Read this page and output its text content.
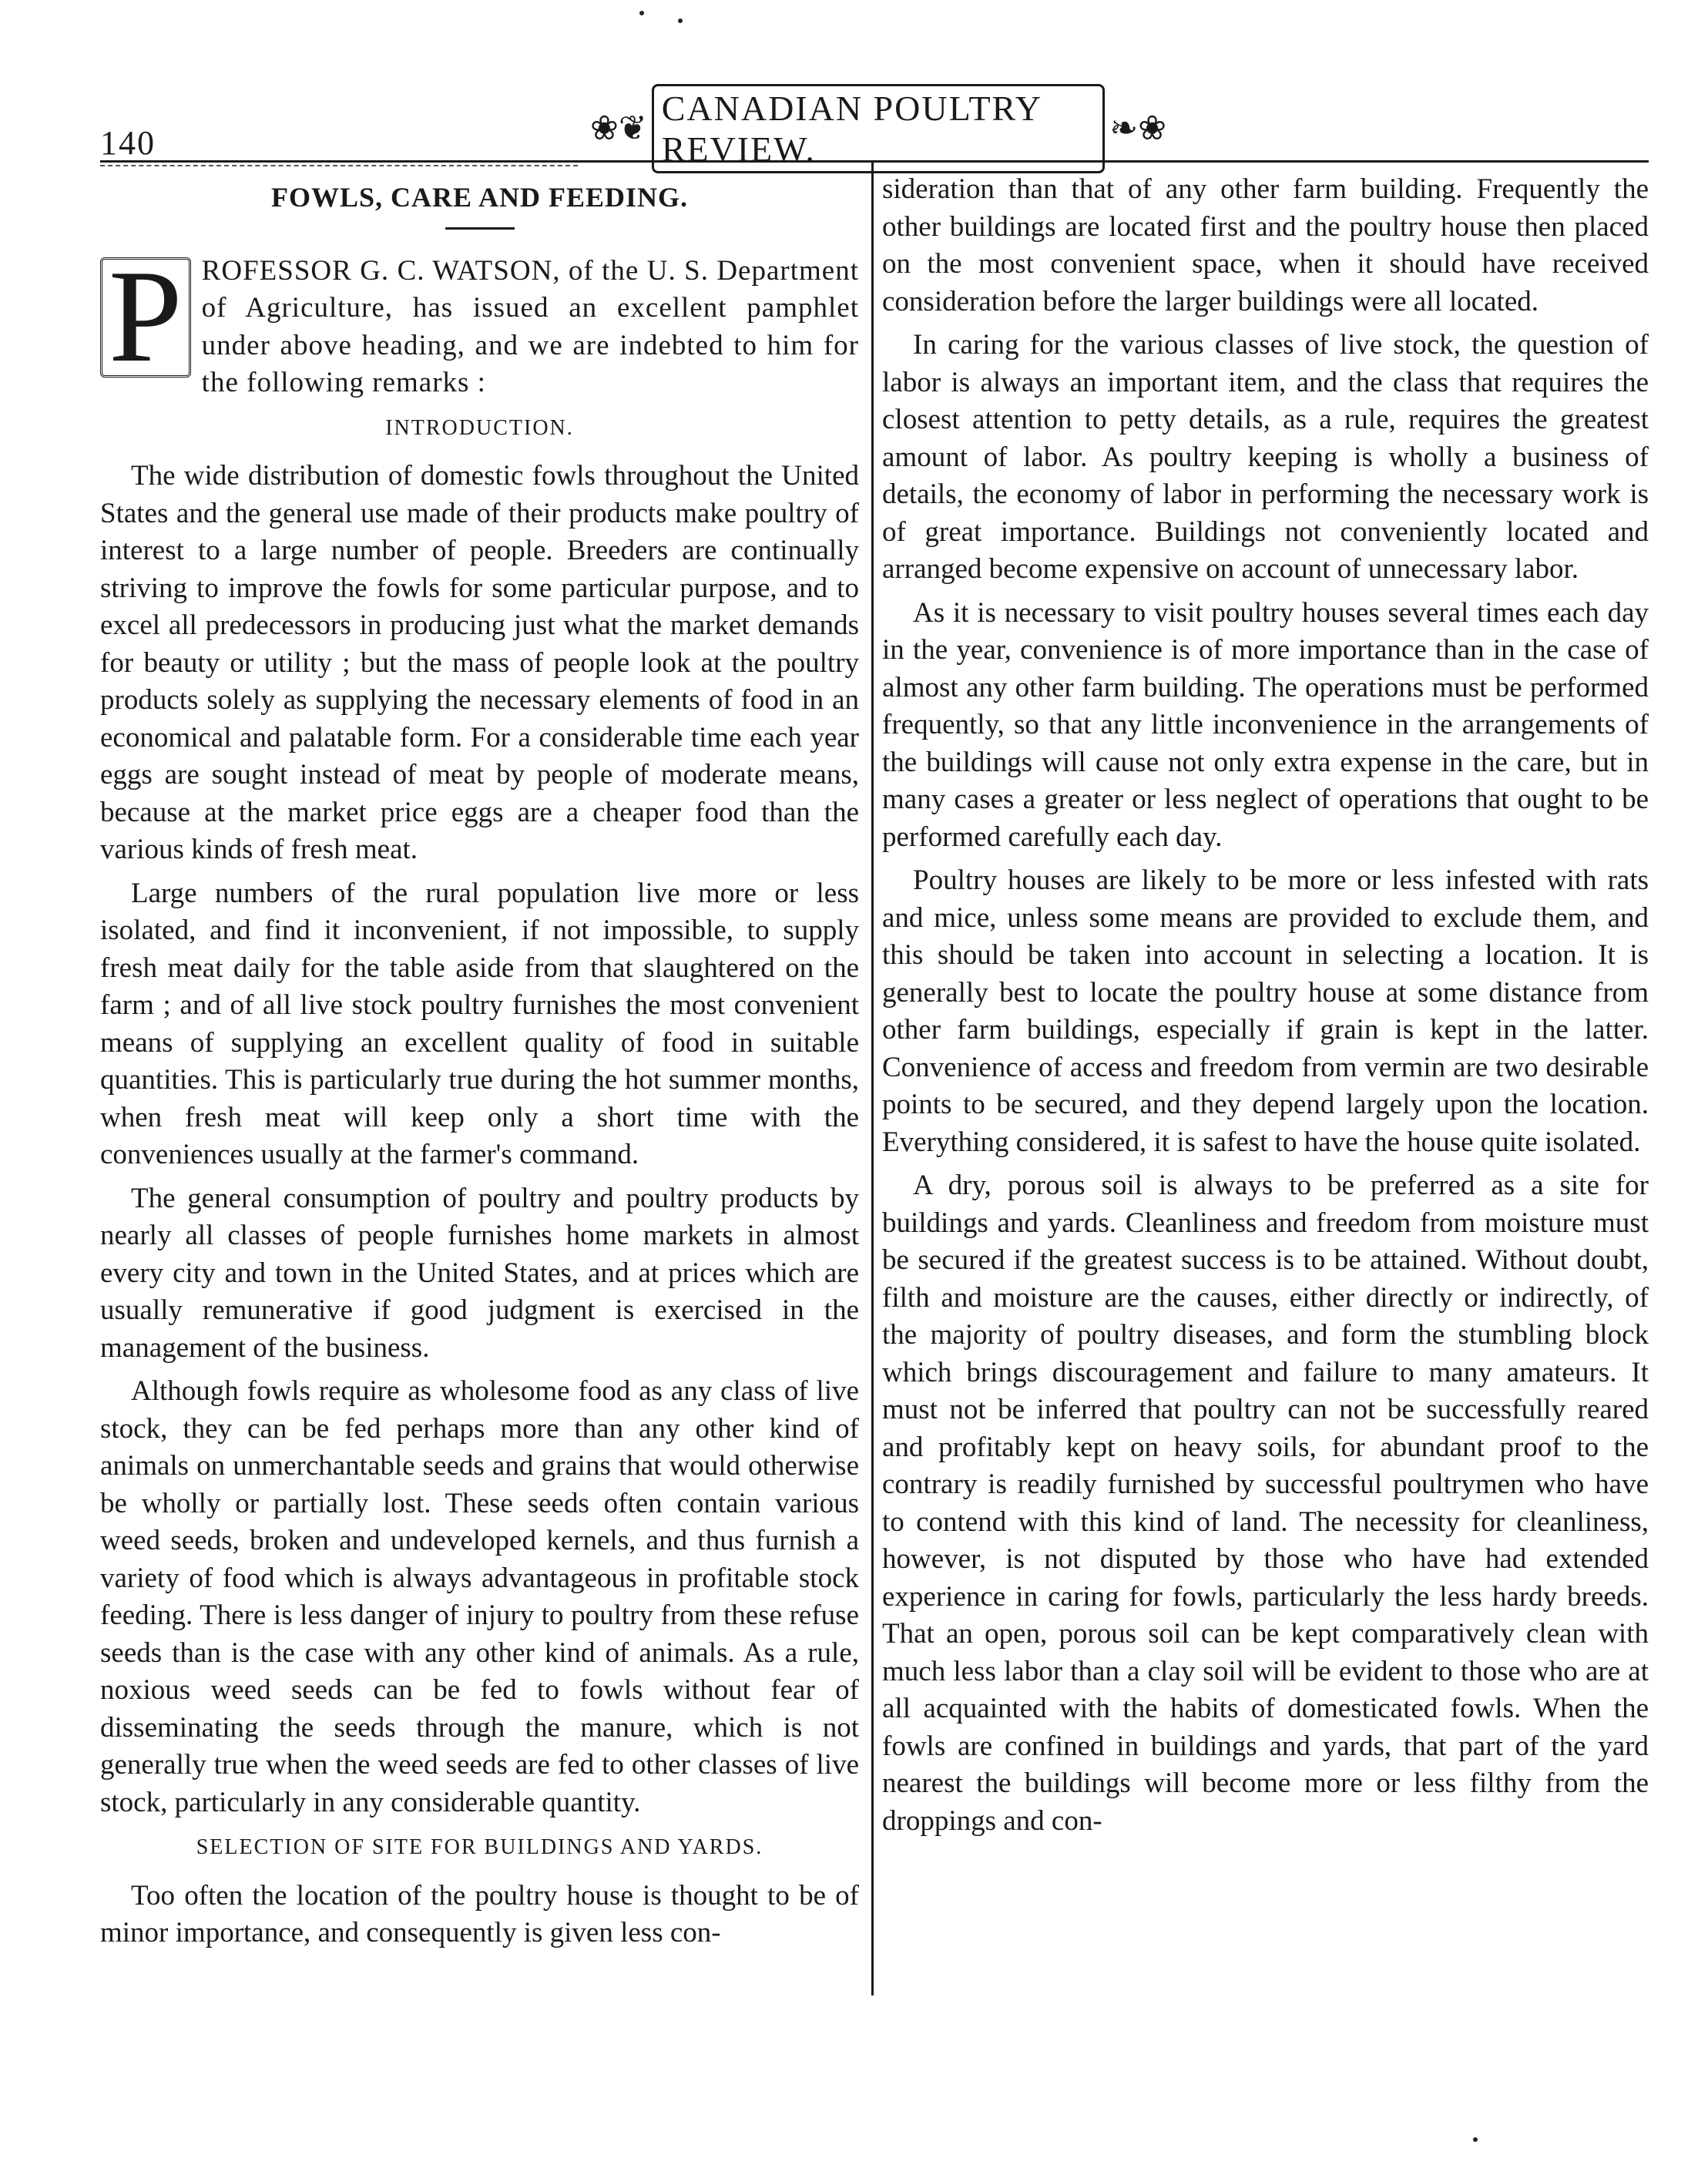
140	❀❦
CANADIAN POULTRY REVIEW.
❧❀
FOWLS, CARE AND FEEDING.

P ROFESSOR G. C. WATSON, of the U. S. Department of Agriculture, has issued an excellent pamphlet under above heading, and we are indebted to him for the following remarks :

INTRODUCTION.

The wide distribution of domestic fowls throughout the United States and the general use made of their products make poultry of interest to a large number of people. Breeders are continually striving to improve the fowls for some particular purpose, and to excel all predecessors in producing just what the market demands for beauty or utility ; but the mass of people look at the poultry products solely as supplying the necessary elements of food in an economical and palatable form. For a considerable time each year eggs are sought instead of meat by people of moderate means, because at the market price eggs are a cheaper food than the various kinds of fresh meat.

Large numbers of the rural population live more or less isolated, and find it inconvenient, if not impossible, to supply fresh meat daily for the table aside from that slaughtered on the farm ; and of all live stock poultry furnishes the most convenient means of supplying an excellent quality of food in suitable quantities. This is particularly true during the hot summer months, when fresh meat will keep only a short time with the conveniences usually at the farmer's command.

The general consumption of poultry and poultry products by nearly all classes of people furnishes home markets in almost every city and town in the United States, and at prices which are usually remunerative if good judgment is exercised in the management of the business.

Although fowls require as wholesome food as any class of live stock, they can be fed perhaps more than any other kind of animals on unmerchantable seeds and grains that would otherwise be wholly or partially lost. These seeds often contain various weed seeds, broken and undeveloped kernels, and thus furnish a variety of food which is always advantageous in profitable stock feeding. There is less danger of injury to poultry from these refuse seeds than is the case with any other kind of animals. As a rule, noxious weed seeds can be fed to fowls without fear of disseminating the seeds through the manure, which is not generally true when the weed seeds are fed to other classes of live stock, particularly in any considerable quantity.

SELECTION OF SITE FOR BUILDINGS AND YARDS.

Too often the location of the poultry house is thought to be of minor importance, and consequently is given less con-

sideration than that of any other farm building. Frequently the other buildings are located first and the poultry house then placed on the most convenient space, when it should have received consideration before the larger buildings were all located.

In caring for the various classes of live stock, the question of labor is always an important item, and the class that requires the closest attention to petty details, as a rule, requires the greatest amount of labor. As poultry keeping is wholly a business of details, the economy of labor in performing the necessary work is of great importance. Buildings not conveniently located and arranged become expensive on account of unnecessary labor.

As it is necessary to visit poultry houses several times each day in the year, convenience is of more importance than in the case of almost any other farm building. The operations must be performed frequently, so that any little inconvenience in the arrangements of the buildings will cause not only extra expense in the care, but in many cases a greater or less neglect of operations that ought to be performed carefully each day.

Poultry houses are likely to be more or less infested with rats and mice, unless some means are provided to exclude them, and this should be taken into account in selecting a location. It is generally best to locate the poultry house at some distance from other farm buildings, especially if grain is kept in the latter. Convenience of access and freedom from vermin are two desirable points to be secured, and they depend largely upon the location. Everything considered, it is safest to have the house quite isolated.

A dry, porous soil is always to be preferred as a site for buildings and yards. Cleanliness and freedom from moisture must be secured if the greatest success is to be attained. Without doubt, filth and moisture are the causes, either directly or indirectly, of the majority of poultry diseases, and form the stumbling block which brings discouragement and failure to many amateurs. It must not be inferred that poultry can not be successfully reared and profitably kept on heavy soils, for abundant proof to the contrary is readily furnished by successful poultrymen who have to contend with this kind of land. The necessity for cleanliness, however, is not disputed by those who have had extended experience in caring for fowls, particularly the less hardy breeds. That an open, porous soil can be kept comparatively clean with much less labor than a clay soil will be evident to those who are at all acquainted with the habits of domesticated fowls. When the fowls are confined in buildings and yards, that part of the yard nearest the buildings will become more or less filthy from the droppings and con-
